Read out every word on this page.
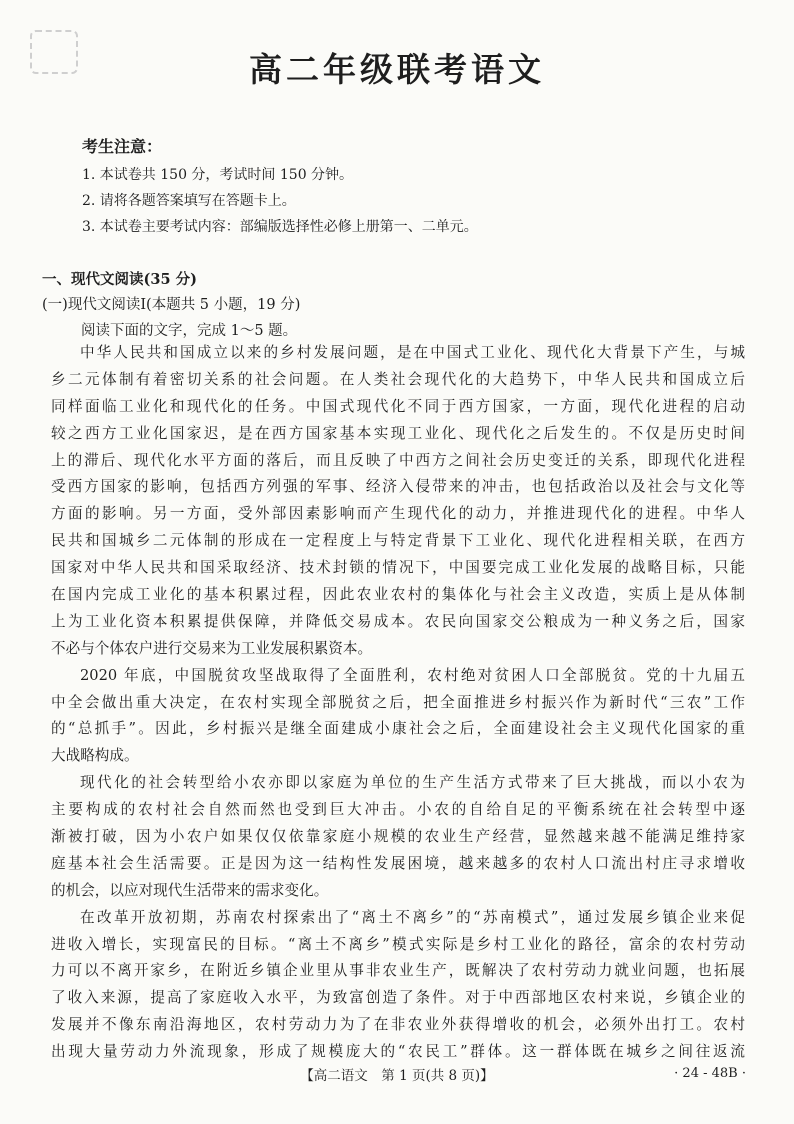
高二年级联考语文
考生注意：
1. 本试卷共 150 分，考试时间 150 分钟。
2. 请将各题答案填写在答题卡上。
3. 本试卷主要考试内容：部编版选择性必修上册第一、二单元。
一、现代文阅读(35 分)
(一)现代文阅读Ⅰ(本题共 5 小题，19 分)
阅读下面的文字，完成 1～5 题。
中华人民共和国成立以来的乡村发展问题，是在中国式工业化、现代化大背景下产生，与城
乡二元体制有着密切关系的社会问题。在人类社会现代化的大趋势下，中华人民共和国成立后
同样面临工业化和现代化的任务。中国式现代化不同于西方国家，一方面，现代化进程的启动
较之西方工业化国家迟，是在西方国家基本实现工业化、现代化之后发生的。不仅是历史时间
上的滞后、现代化水平方面的落后，而且反映了中西方之间社会历史变迁的关系，即现代化进程
受西方国家的影响，包括西方列强的军事、经济入侵带来的冲击，也包括政治以及社会与文化等
方面的影响。另一方面，受外部因素影响而产生现代化的动力，并推进现代化的进程。中华人
民共和国城乡二元体制的形成在一定程度上与特定背景下工业化、现代化进程相关联，在西方
国家对中华人民共和国采取经济、技术封锁的情况下，中国要完成工业化发展的战略目标，只能
在国内完成工业化的基本积累过程，因此农业农村的集体化与社会主义改造，实质上是从体制
上为工业化资本积累提供保障，并降低交易成本。农民向国家交公粮成为一种义务之后，国家
不必与个体农户进行交易来为工业发展积累资本。
2020 年底，中国脱贫攻坚战取得了全面胜利，农村绝对贫困人口全部脱贫。党的十九届五
中全会做出重大决定，在农村实现全部脱贫之后，把全面推进乡村振兴作为新时代“三农”工作
的“总抓手”。因此，乡村振兴是继全面建成小康社会之后，全面建设社会主义现代化国家的重
大战略构成。
现代化的社会转型给小农亦即以家庭为单位的生产生活方式带来了巨大挑战，而以小农为
主要构成的农村社会自然而然也受到巨大冲击。小农的自给自足的平衡系统在社会转型中逐
渐被打破，因为小农户如果仅仅依靠家庭小规模的农业生产经营，显然越来越不能满足维持家
庭基本社会生活需要。正是因为这一结构性发展困境，越来越多的农村人口流出村庄寻求增收
的机会，以应对现代生活带来的需求变化。
在改革开放初期，苏南农村探索出了“离土不离乡”的“苏南模式”，通过发展乡镇企业来促
进收入增长，实现富民的目标。“离土不离乡”模式实际是乡村工业化的路径，富余的农村劳动
力可以不离开家乡，在附近乡镇企业里从事非农业生产，既解决了农村劳动力就业问题，也拓展
了收入来源，提高了家庭收入水平，为致富创造了条件。对于中西部地区农村来说，乡镇企业的
发展并不像东南沿海地区，农村劳动力为了在非农业外获得增收的机会，必须外出打工。农村
出现大量劳动力外流现象，形成了规模庞大的“农民工”群体。这一群体既在城乡之间往返流
【高二语文　第 1 页(共 8 页)】	· 24 - 48B ·
